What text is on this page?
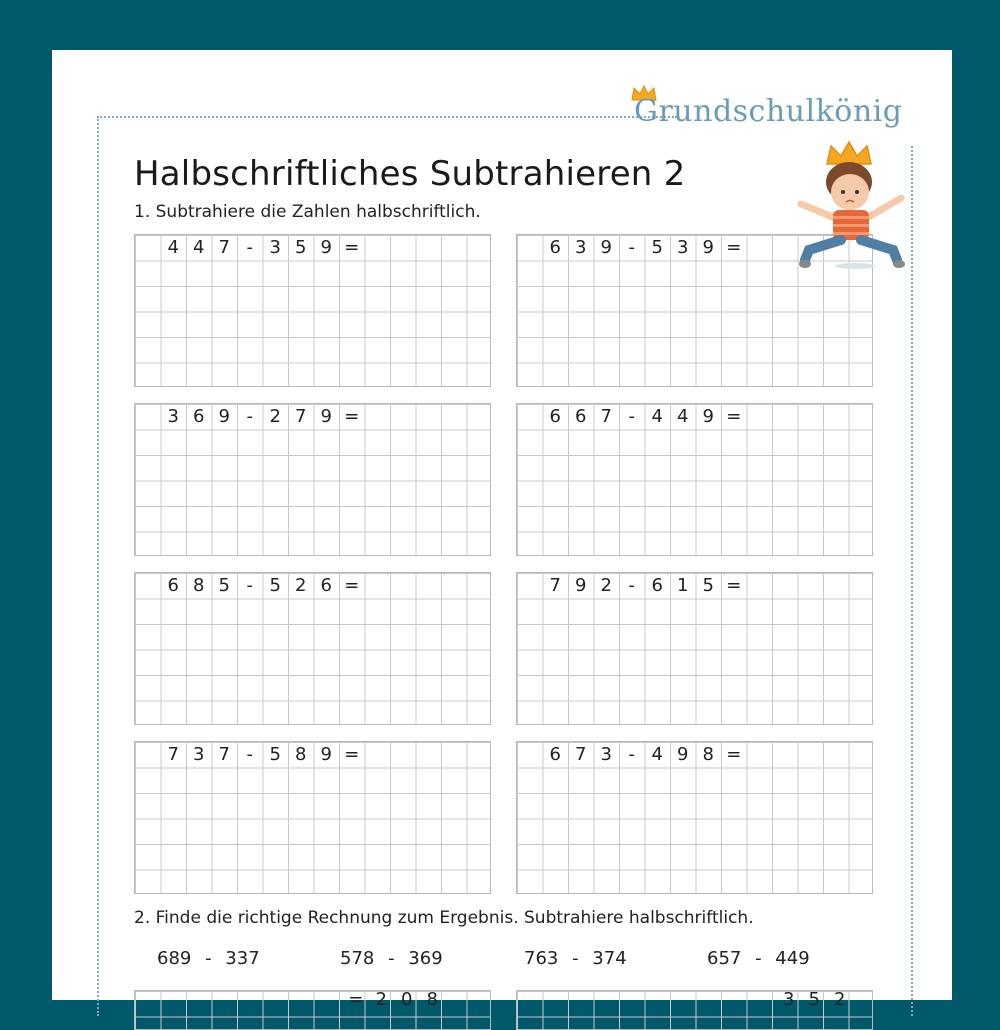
Grundschulkönig
Halbschriftliches Subtrahieren 2
1. Subtrahiere die Zahlen halbschriftlich.
4 4 7 - 3 5 9 =	6 3 9 - 5 3 9 =
3 6 9 - 2 7 9 =	6 6 7 - 4 4 9 =
6 8 5 - 5 2 6 =	7 9 2 - 6 1 5 =
7 3 7 - 5 8 9 =	6 7 3 - 4 9 8 =
2. Finde die richtige Rechnung zum Ergebnis. Subtrahiere halbschriftlich.
689 - 337	578 - 369	763 - 374	657 - 449
= 2 0 8	3 5 2
